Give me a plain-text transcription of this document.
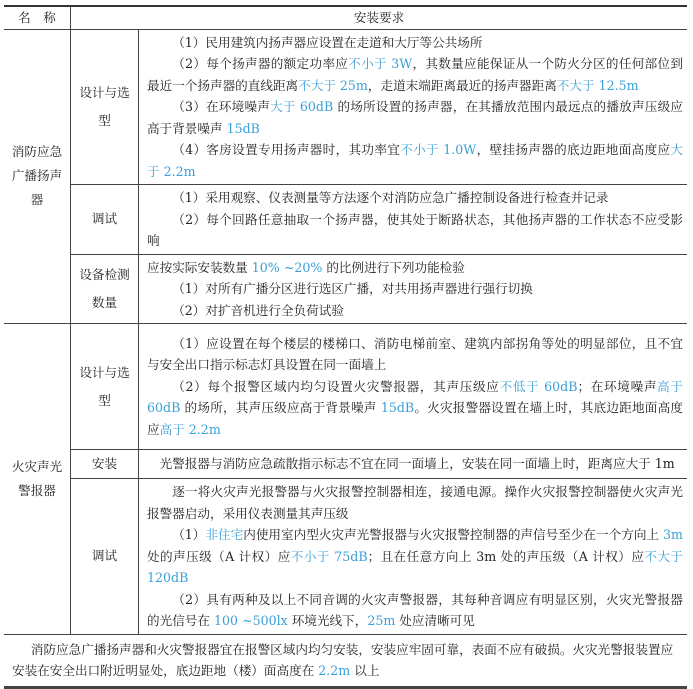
名　称	安装要求	
消防应急广播扬声器	设计与选型	（1）民用建筑内扬声器应设置在走道和大厅等公共场所

（2）每个扬声器的额定功率应不小于 3W，其数量应能保证从一个防火分区的任何部位到最近一个扬声器的直线距离不大于 25m，走道末端距离最近的扬声器距离不大于 12.5m

（3）在环境噪声大于 60dB 的场所设置的扬声器，在其播放范围内最远点的播放声压级应高于背景噪声 15dB

（4）客房设置专用扬声器时，其功率宜不小于 1.0W，壁挂扬声器的底边距地面高度应大于 2.2m

	调试	（1）采用观察、仪表测量等方法逐个对消防应急广播控制设备进行检查并记录

（2）每个回路任意抽取一个扬声器，使其处于断路状态，其他扬声器的工作状态不应受影响

	设备检测数量	应按实际安装数量 10% ~20% 的比例进行下列功能检验

（1）对所有广播分区进行选区广播，对共用扬声器进行强行切换

（2）对扩音机进行全负荷试验

火灾声光警报器	设计与选型	（1）应设置在每个楼层的楼梯口、消防电梯前室、建筑内部拐角等处的明显部位，且不宜与安全出口指示标志灯具设置在同一面墙上

（2）每个报警区域内均匀设置火灾警报器，其声压级应不低于 60dB；在环境噪声高于 60dB 的场所，其声压级应高于背景噪声 15dB。火灾报警器设置在墙上时，其底边距地面高度应高于 2.2m

	安装	光警报器与消防应急疏散指示标志不宜在同一面墙上，安装在同一面墙上时，距离应大于 1m

	调试	逐一将火灾声光报警器与火灾报警控制器相连，接通电源。操作火灾报警控制器使火灾声光报警器启动，采用仪表测量其声压级

（1）非住宅内使用室内型火灾声光警报器与火灾报警控制器的声信号至少在一个方向上 3m 处的声压级（A 计权）应不小于 75dB；且在任意方向上 3m 处的声压级（A 计权）应不大于 120dB

（2）具有两种及以上不同音调的火灾声警报器，其每种音调应有明显区别，火灾光警报器的光信号在 100 ~500lx 环境光线下，25m 处应清晰可见

消防应急广播扬声器和火灾警报器宜在报警区域内均匀安装，安装应牢固可靠，表面不应有破损。火灾光警报装置应安装在安全出口附近明显处，底边距地（楼）面高度在 2.2m 以上		
